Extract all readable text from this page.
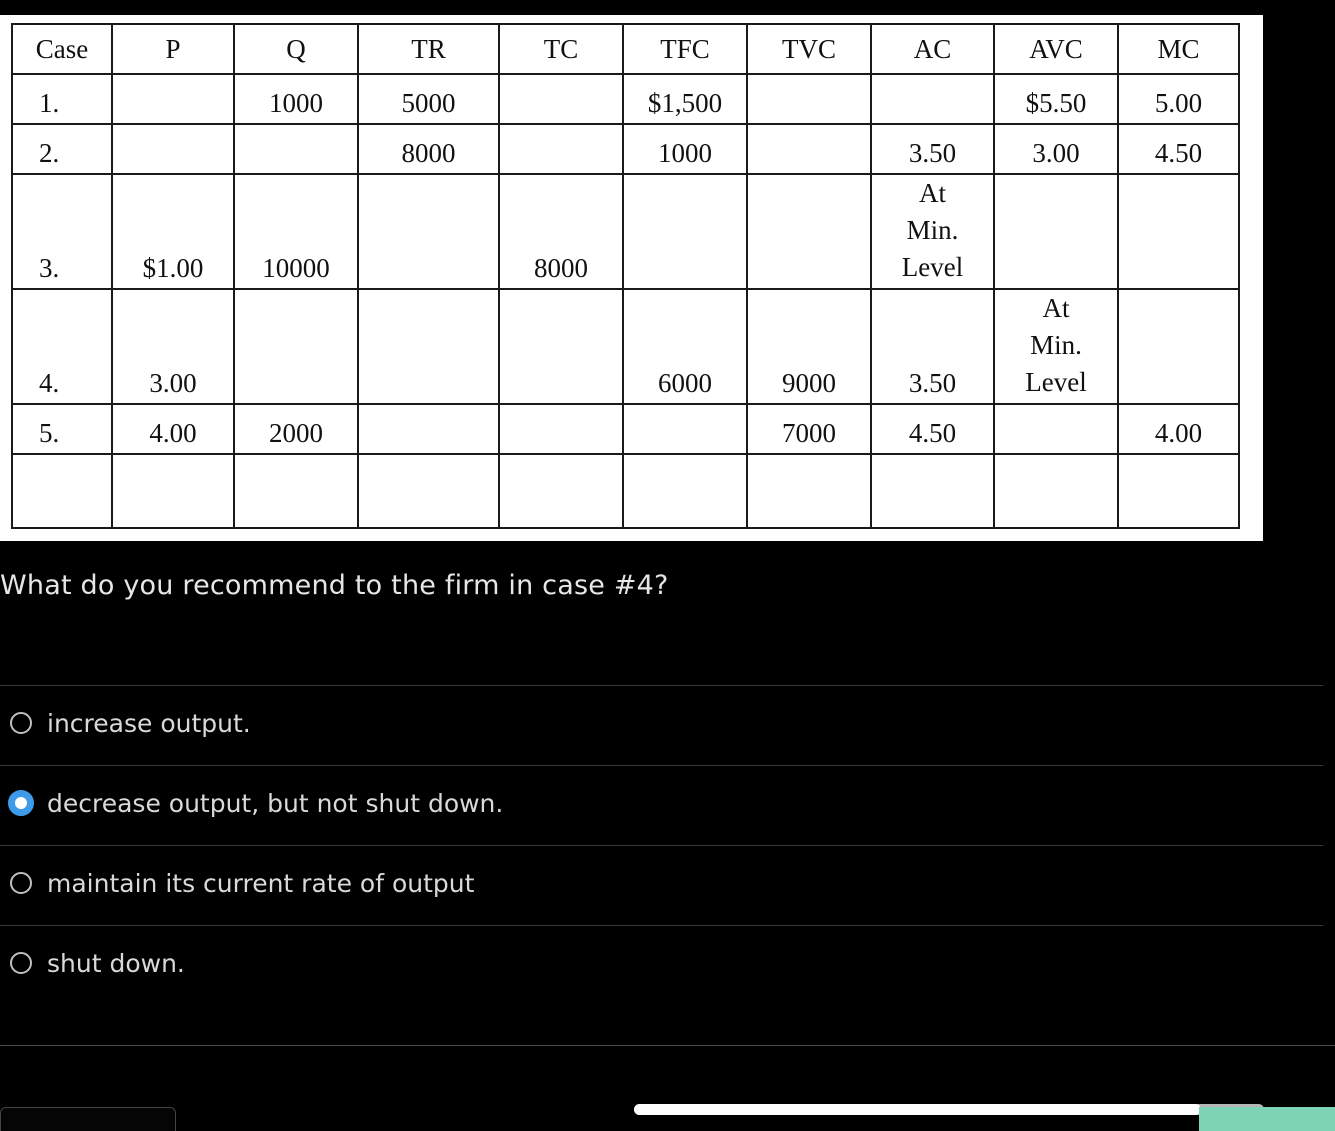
Case	P	Q	TR	TC	TFC	TVC	AC	AVC	MC
1.		1000	5000		$1,500			$5.50	5.00
2.			8000		1000		3.50	3.00	4.50
3.	$1.00	10000		8000			At
Min.
Level		

4.	3.00				6000	9000	3.50	At
Min.
Level	

5.	4.00	2000				7000	4.50		4.00

What do you recommend to the firm in case #4?
increase output.
decrease output, but not shut down.
maintain its current rate of output
shut down.
